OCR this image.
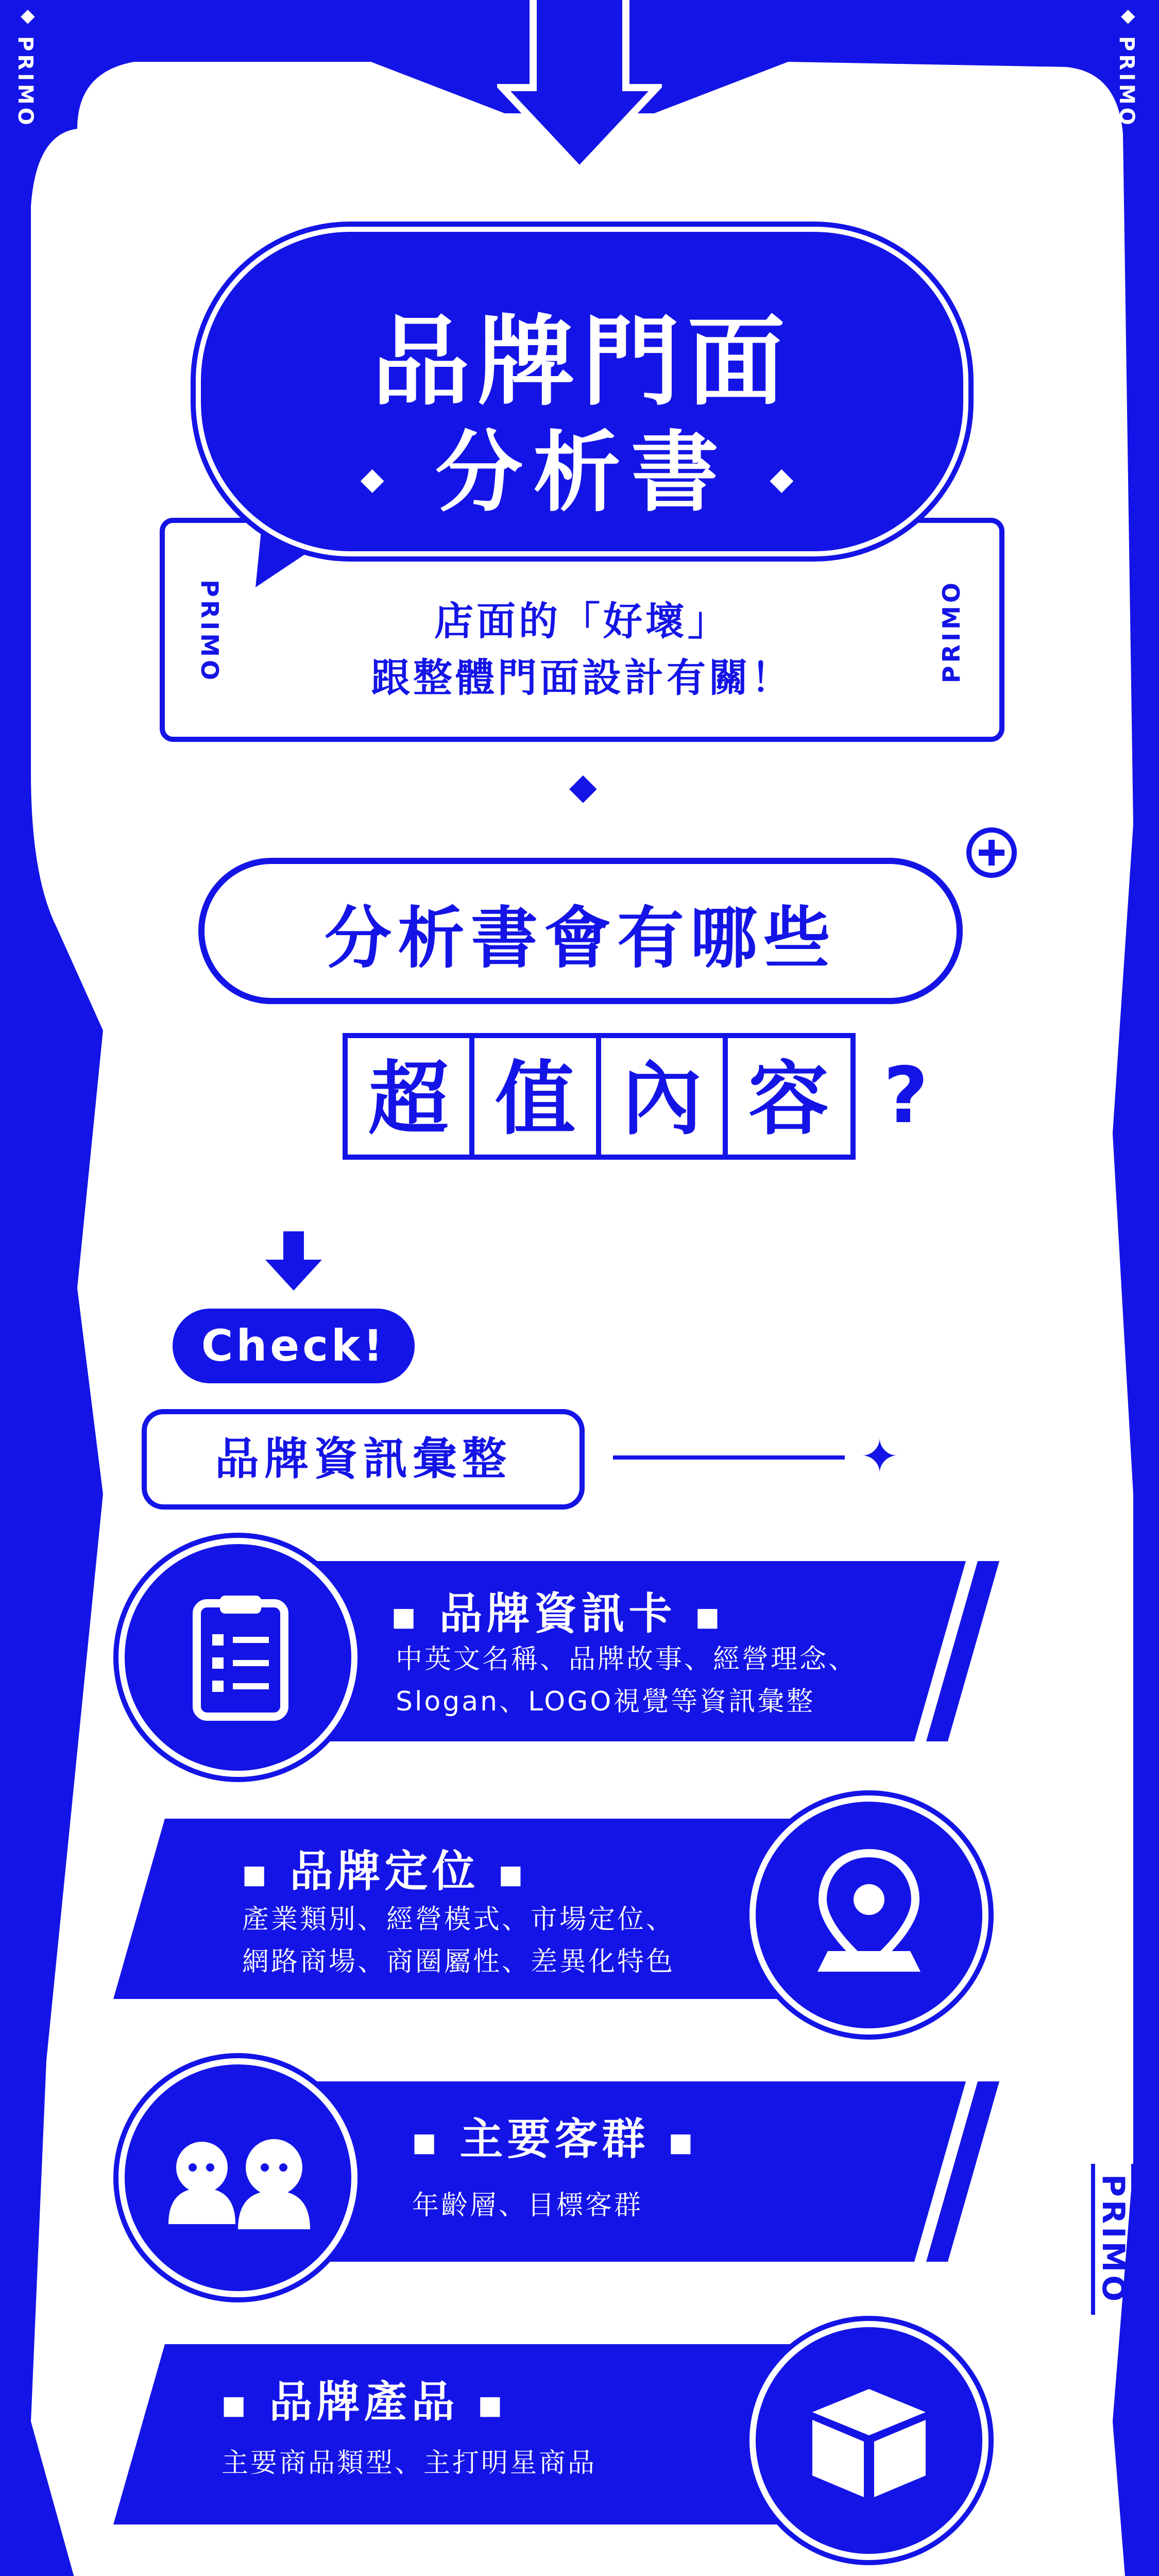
PRIMO	PRIMO
◆	◆
PRIMO
PRIMO
PRIMO	PRIMO
店面的「好壞」
跟整體門面設計有關！
品牌門面
◆ 分析書 ◆
◆
分析書會有哪些
超 值 內 容 ?
Check!
品牌資訊彙整	✦
■ 品牌資訊卡 ■
中英文名稱、品牌故事、經營理念、
Slogan、LOGO視覺等資訊彙整
■ 品牌定位 ■
產業類別、經營模式、市場定位、
網路商場、商圈屬性、差異化特色
■ 主要客群 ■
年齡層、目標客群
■ 品牌產品 ■
主要商品類型、主打明星商品
